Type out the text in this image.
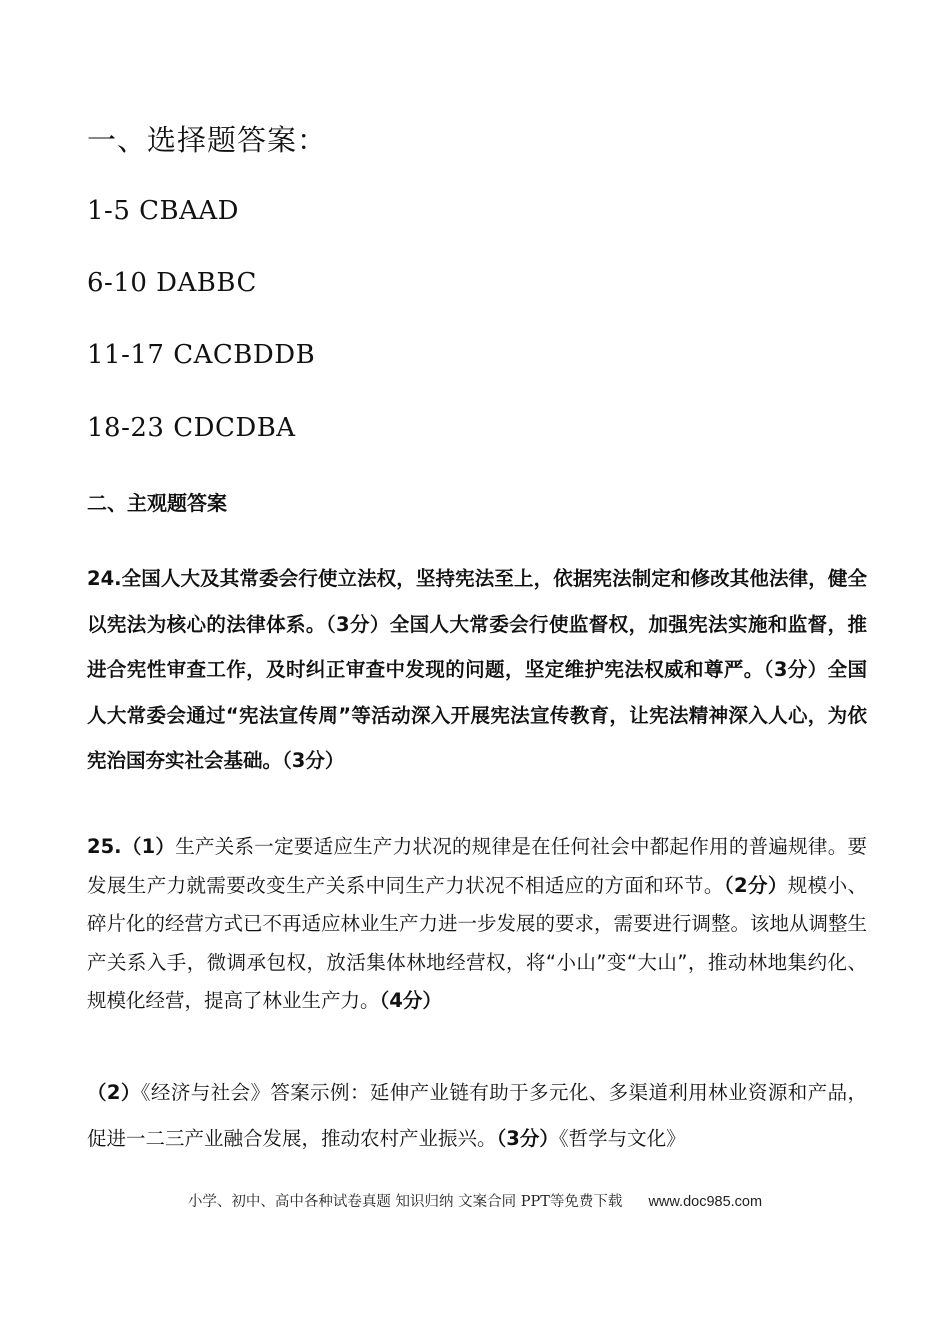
一、选择题答案：
1-5 CBAAD
6-10 DABBC
11-17 CACBDDB
18-23 CDCDBA
二、主观题答案
24.全国人大及其常委会行使立法权，坚持宪法至上，依据宪法制定和修改其他法律，健全以宪法为核心的法律体系。（3分）全国人大常委会行使监督权，加强宪法实施和监督，推进合宪性审查工作，及时纠正审查中发现的问题，坚定维护宪法权威和尊严。（3分）全国人大常委会通过“宪法宣传周”等活动深入开展宪法宣传教育，让宪法精神深入人心，为依宪治国夯实社会基础。（3分）
25.（1）生产关系一定要适应生产力状况的规律是在任何社会中都起作用的普遍规律。要发展生产力就需要改变生产关系中同生产力状况不相适应的方面和环节。（2分）规模小、碎片化的经营方式已不再适应林业生产力进一步发展的要求，需要进行调整。该地从调整生产关系入手，微调承包权，放活集体林地经营权，将“小山”变“大山”，推动林地集约化、规模化经营，提高了林业生产力。（4分）
（2）《经济与社会》答案示例：延伸产业链有助于多元化、多渠道利用林业资源和产品，促进一二三产业融合发展，推动农村产业振兴。（3分）《哲学与文化》
小学、初中、高中各种试卷真题 知识归纳 文案合同 PPT等免费下载 www.doc985.com
